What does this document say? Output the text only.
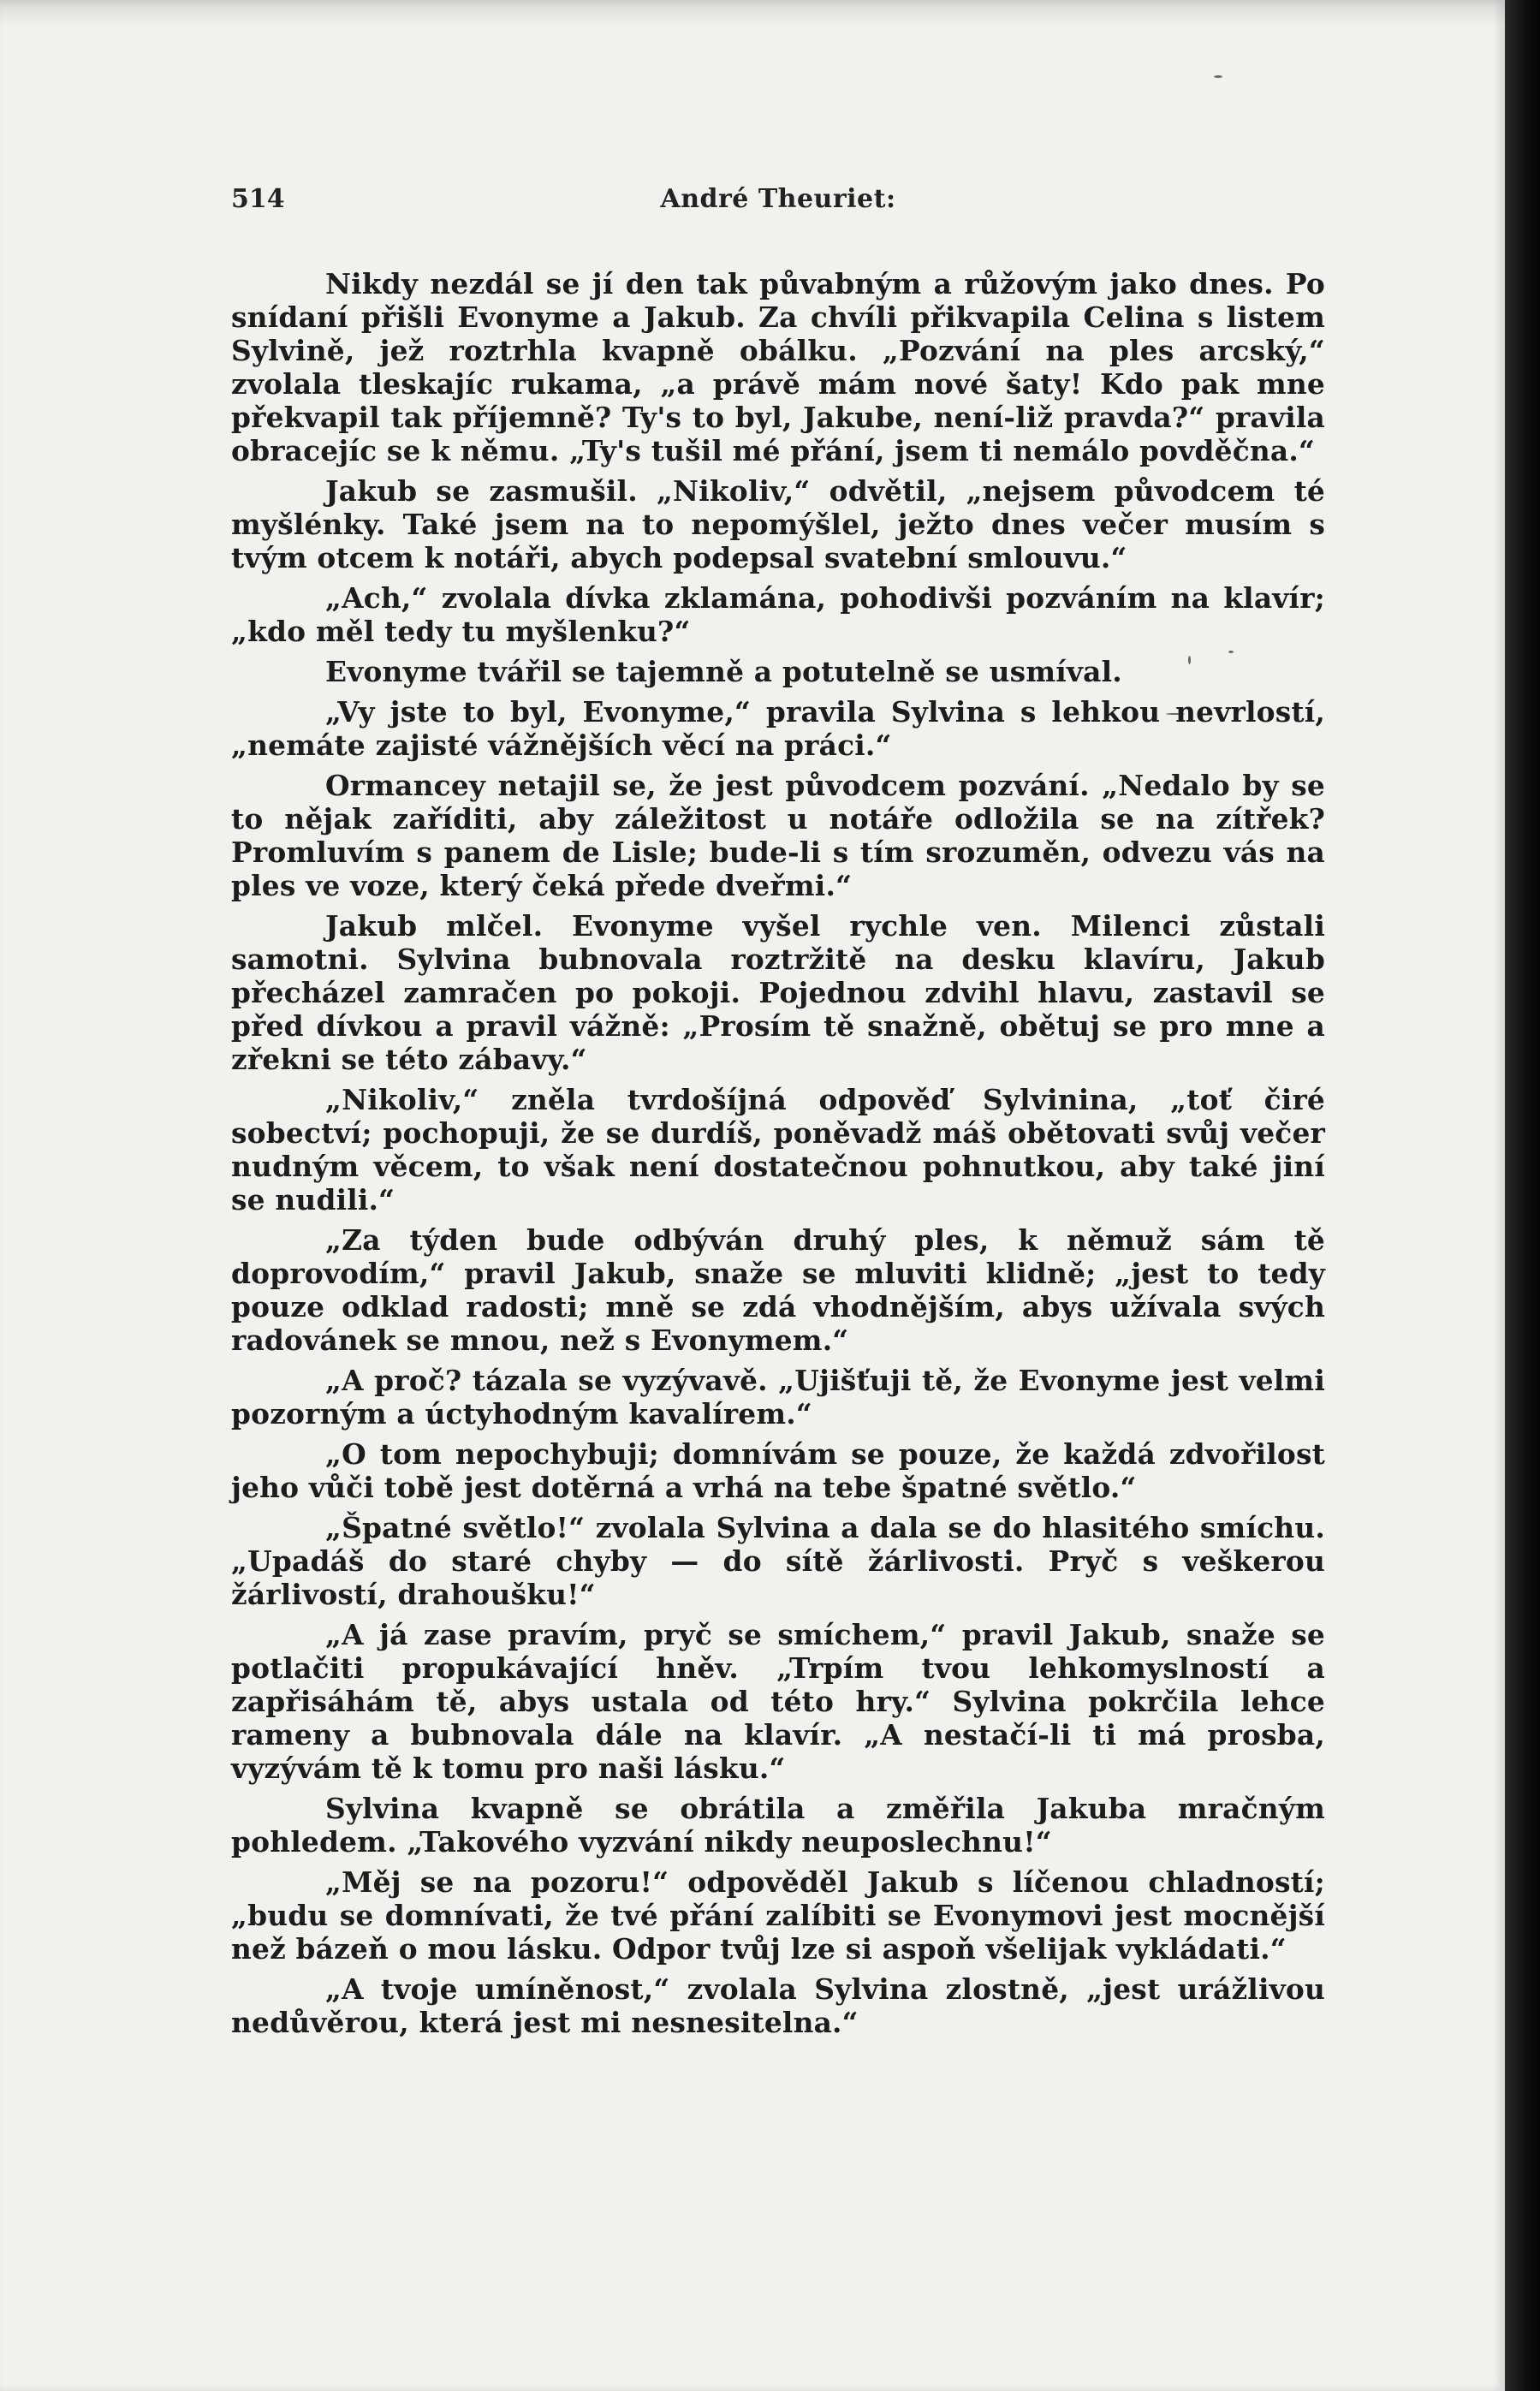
514	André Theuriet:

Nikdy nezdál se jí den tak půvabným a růžovým jako dnes. Po snídaní přišli Evonyme a Jakub. Za chvíli přikvapila Celina s listem Sylvině, jež roztrhla kvapně obálku. „Pozvání na ples arcský,“ zvolala tleskajíc rukama, „a právě mám nové šaty! Kdo pak mne překvapil tak příjemně? Ty's to byl, Jakube, není-liž pravda?“ pravila obracejíc se k němu. „Ty's tušil mé přání, jsem ti nemálo povděčna.“

Jakub se zasmušil. „Nikoliv,“ odvětil, „nejsem původcem té myšlénky. Také jsem na to nepomýšlel, ježto dnes večer musím s tvým otcem k notáři, abych podepsal svatební smlouvu.“

„Ach,“ zvolala dívka zklamána, pohodivši pozváním na klavír; „kdo měl tedy tu myšlenku?“

Evonyme tvářil se tajemně a potutelně se usmíval.

„Vy jste to byl, Evonyme,“ pravila Sylvina s lehkou nevrlostí, „nemáte zajisté vážnějších věcí na práci.“

Ormancey netajil se, že jest původcem pozvání. „Nedalo by se to nějak zaříditi, aby záležitost u notáře odložila se na zítřek? Promluvím s panem de Lisle; bude-li s tím srozuměn, odvezu vás na ples ve voze, který čeká přede dveřmi.“

Jakub mlčel. Evonyme vyšel rychle ven. Milenci zůstali samotni. Sylvina bubnovala roztržitě na desku klavíru, Jakub přecházel zamračen po pokoji. Pojednou zdvihl hlavu, zastavil se před dívkou a pravil vážně: „Prosím tě snažně, obětuj se pro mne a zřekni se této zábavy.“

„Nikoliv,“ zněla tvrdošíjná odpověď Sylvinina, „toť čiré sobectví; pochopuji, že se durdíš, poněvadž máš obětovati svůj večer nudným věcem, to však není dostatečnou pohnutkou, aby také jiní se nudili.“

„Za týden bude odbýván druhý ples, k němuž sám tě doprovodím,“ pravil Jakub, snaže se mluviti klidně; „jest to tedy pouze odklad radosti; mně se zdá vhodnějším, abys užívala svých radovánek se mnou, než s Evonymem.“

„A proč? tázala se vyzývavě. „Ujišťuji tě, že Evonyme jest velmi pozorným a úctyhodným kavalírem.“

„O tom nepochybuji; domnívám se pouze, že každá zdvořilost jeho vůči tobě jest dotěrná a vrhá na tebe špatné světlo.“

„Špatné světlo!“ zvolala Sylvina a dala se do hlasitého smíchu. „Upadáš do staré chyby — do sítě žárlivosti. Pryč s veškerou žárlivostí, drahoušku!“

„A já zase pravím, pryč se smíchem,“ pravil Jakub, snaže se potlačiti propukávající hněv. „Trpím tvou lehkomyslností a zapřisáhám tě, abys ustala od této hry.“ Sylvina pokrčila lehce rameny a bubnovala dále na klavír. „A nestačí-li ti má prosba, vyzývám tě k tomu pro naši lásku.“

Sylvina kvapně se obrátila a změřila Jakuba mračným pohledem. „Takového vyzvání nikdy neuposlechnu!“

„Měj se na pozoru!“ odpověděl Jakub s líčenou chladností; „budu se domnívati, že tvé přání zalíbiti se Evonymovi jest mocnější než bázeň o mou lásku. Odpor tvůj lze si aspoň všelijak vykládati.“

„A tvoje umíněnost,“ zvolala Sylvina zlostně, „jest urážlivou nedůvěrou, která jest mi nesnesitelna.“
